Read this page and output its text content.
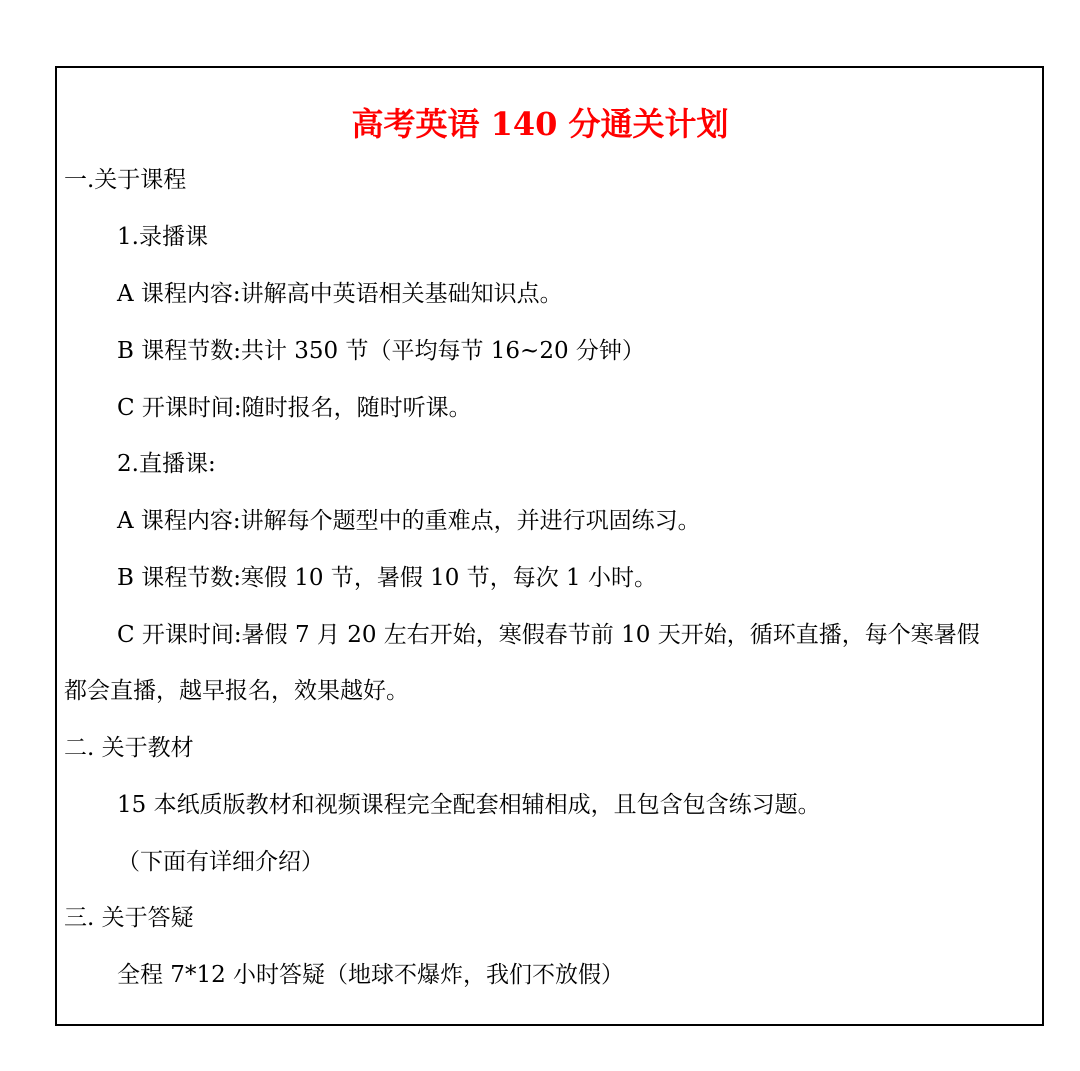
高考英语 140 分通关计划
一.关于课程
1.录播课
A 课程内容:讲解高中英语相关基础知识点。
B 课程节数:共计 350 节（平均每节 16~20 分钟）
C 开课时间:随时报名，随时听课。
2.直播课:
A 课程内容:讲解每个题型中的重难点，并进行巩固练习。
B 课程节数:寒假 10 节，暑假 10 节，每次 1 小时。
C 开课时间:暑假 7 月 20 左右开始，寒假春节前 10 天开始，循环直播，每个寒暑假
都会直播，越早报名，效果越好。
二. 关于教材
15 本纸质版教材和视频课程完全配套相辅相成，且包含包含练习题。
（下面有详细介绍）
三. 关于答疑
全程 7*12 小时答疑（地球不爆炸，我们不放假）
